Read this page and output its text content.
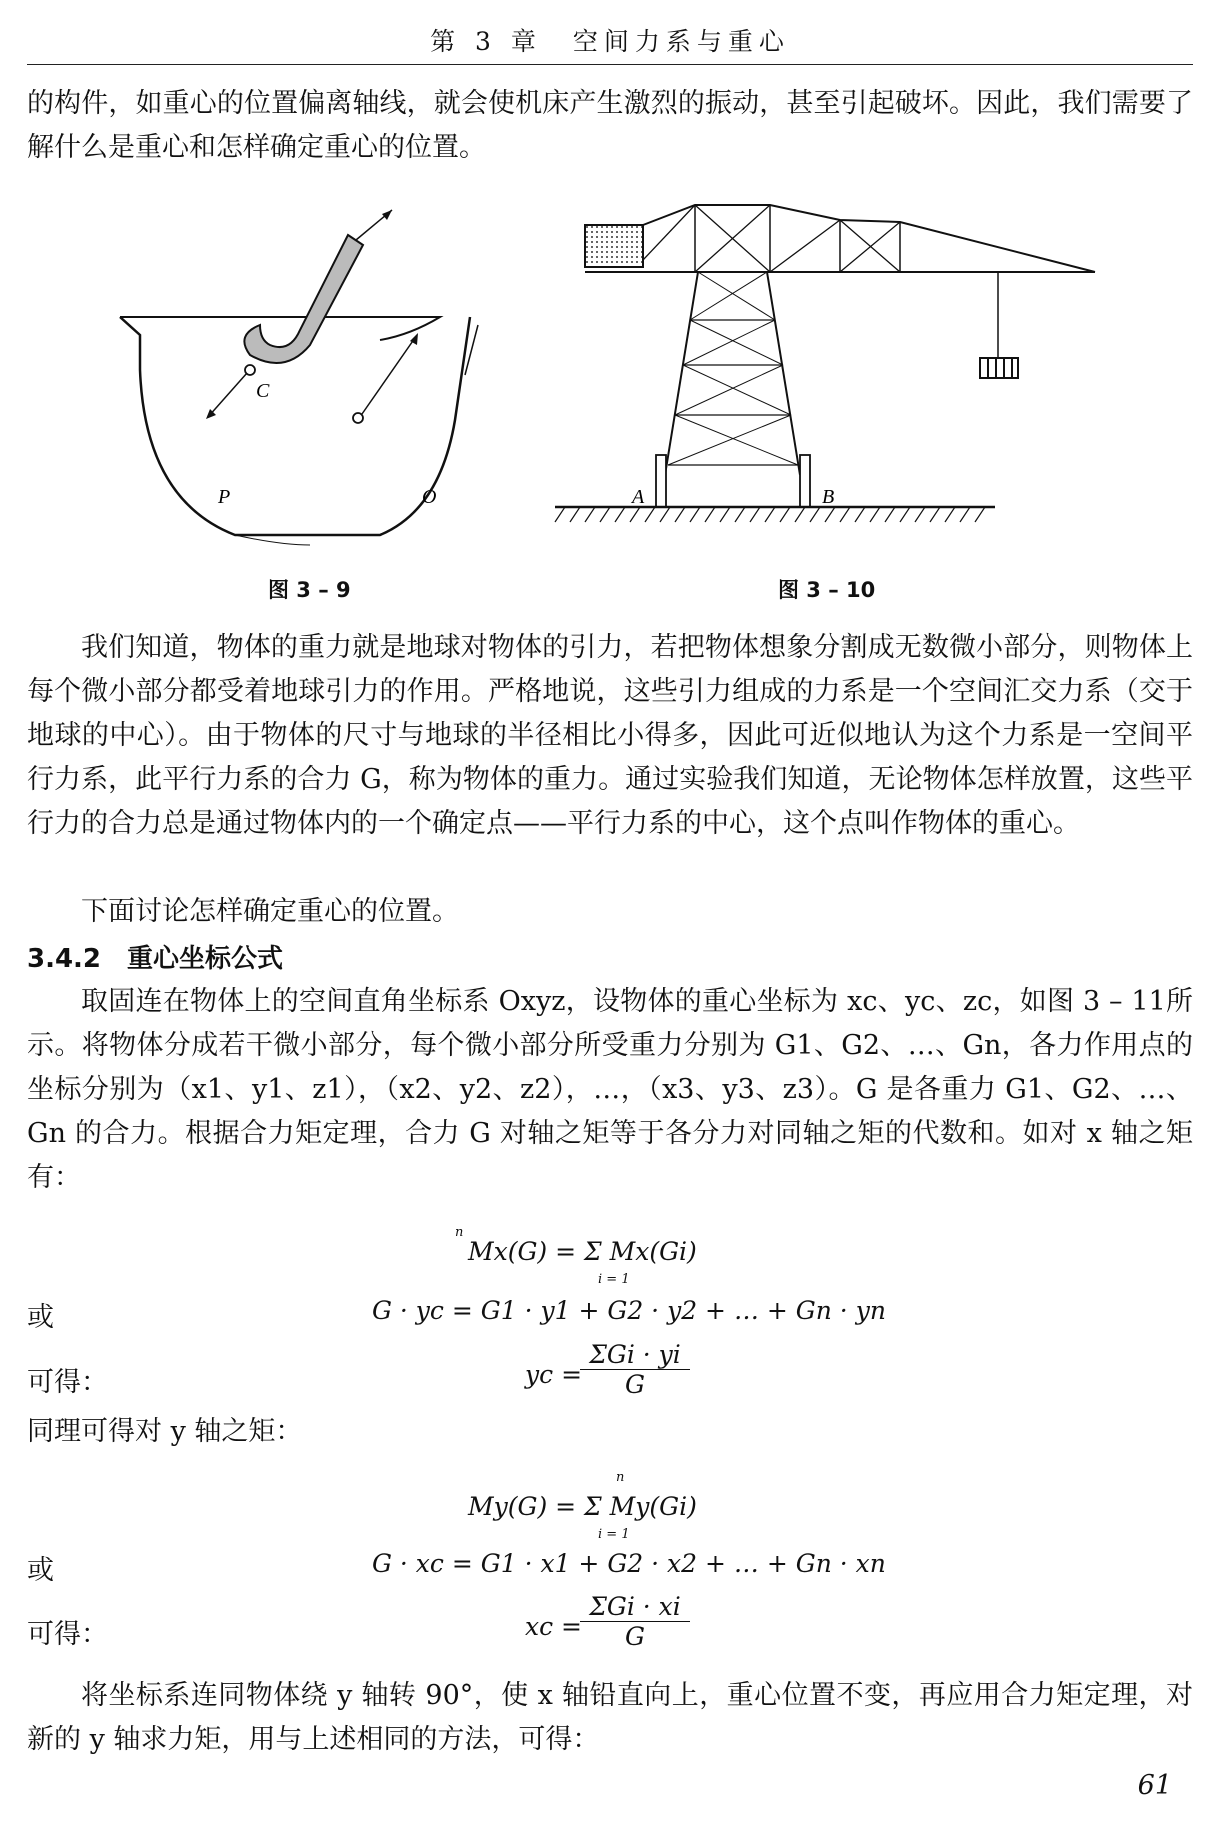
第 3 章　空间力系与重心
的构件，如重心的位置偏离轴线，就会使机床产生激烈的振动，甚至引起破坏。因此，我们需要了解什么是重心和怎样确定重心的位置。
C
P	O
图 3 – 9
A	B
图 3 – 10
我们知道，物体的重力就是地球对物体的引力，若把物体想象分割成无数微小部分，则物体上每个微小部分都受着地球引力的作用。严格地说，这些引力组成的力系是一个空间汇交力系（交于地球的中心）。由于物体的尺寸与地球的半径相比小得多，因此可近似地认为这个力系是一空间平行力系，此平行力系的合力 G，称为物体的重力。通过实验我们知道，无论物体怎样放置，这些平行力的合力总是通过物体内的一个确定点——平行力系的中心，这个点叫作物体的重心。
下面讨论怎样确定重心的位置。
3.4.2　重心坐标公式
取固连在物体上的空间直角坐标系 Oxyz，设物体的重心坐标为 xc、yc、zc，如图 3 – 11所示。将物体分成若干微小部分，每个微小部分所受重力分别为 G1、G2、…、Gn，各力作用点的坐标分别为（x1、y1、z1），（x2、y2、z2），…，（x3、y3、z3）。G 是各重力 G1、G2、…、Gn 的合力。根据合力矩定理，合力 G 对轴之矩等于各分力对同轴之矩的代数和。如对 x 轴之矩有：
n
Mx(G) = Σ Mx(Gi)
i = 1
或	G · yc = G1 · y1 + G2 · y2 + … + Gn · yn
可得：	yc =
ΣGi · yi
G
同理可得对 y 轴之矩：
n
My(G) = Σ My(Gi)
i = 1
或	G · xc = G1 · x1 + G2 · x2 + … + Gn · xn
可得：	xc =
ΣGi · xi
G
将坐标系连同物体绕 y 轴转 90°，使 x 轴铅直向上，重心位置不变，再应用合力矩定理，对新的 y 轴求力矩，用与上述相同的方法，可得：
61
